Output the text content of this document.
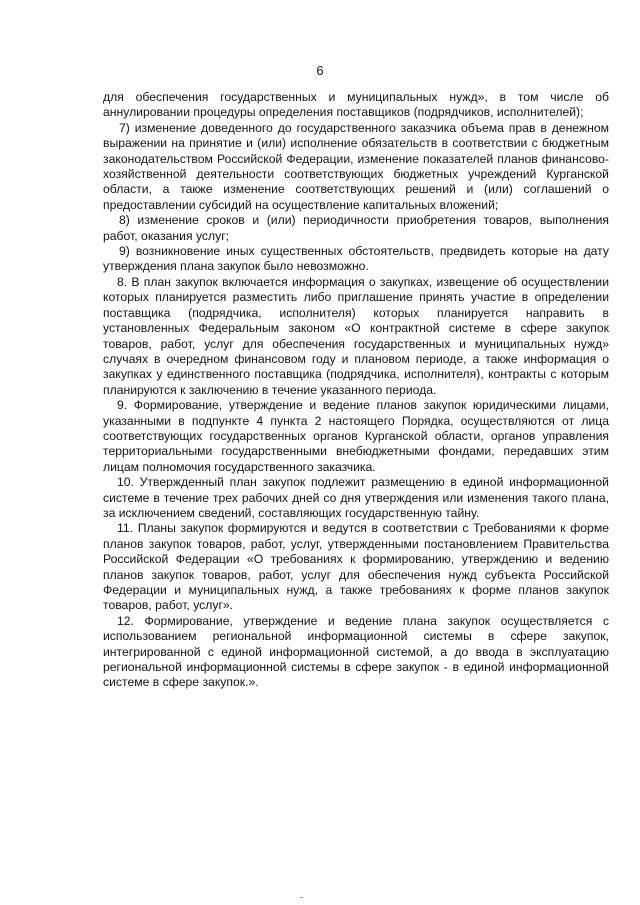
6

для обеспечения государственных и муниципальных нужд», в том числе об аннулировании процедуры определения поставщиков (подрядчиков, исполнителей);

7) изменение доведенного до государственного заказчика объема прав в денежном выражении на принятие и (или) исполнение обязательств в соответствии с бюджетным законодательством Российской Федерации, изменение показателей планов финансово-хозяйственной деятельности соответствующих бюджетных учреждений Курганской области, а также изменение соответствующих решений и (или) соглашений о предоставлении субсидий на осуществление капитальных вложений;

8) изменение сроков и (или) периодичности приобретения товаров, выполнения работ, оказания услуг;

9) возникновение иных существенных обстоятельств, предвидеть которые на дату утверждения плана закупок было невозможно.

8. В план закупок включается информация о закупках, извещение об осуществлении которых планируется разместить либо приглашение принять участие в определении поставщика (подрядчика, исполнителя) которых планируется направить в установленных Федеральным законом «О контрактной системе в сфере закупок товаров, работ, услуг для обеспечения государственных и муниципальных нужд» случаях в очередном финансовом году и плановом периоде, а также информация о закупках у единственного поставщика (подрядчика, исполнителя), контракты с которым планируются к заключению в течение указанного периода.

9. Формирование, утверждение и ведение планов закупок юридическими лицами, указанными в подпункте 4 пункта 2 настоящего Порядка, осуществляются от лица соответствующих государственных органов Курганской области, органов управления территориальными государственными внебюджетными фондами, передавших этим лицам полномочия государственного заказчика.

10. Утвержденный план закупок подлежит размещению в единой информационной системе в течение трех рабочих дней со дня утверждения или изменения такого плана, за исключением сведений, составляющих государственную тайну.

11. Планы закупок формируются и ведутся в соответствии с Требованиями к форме планов закупок товаров, работ, услуг, утвержденными постановлением Правительства Российской Федерации «О требованиях к формированию, утверждению и ведению планов закупок товаров, работ, услуг для обеспечения нужд субъекта Российской Федерации и муниципальных нужд, а также требованиях к форме планов закупок товаров, работ, услуг».

12. Формирование, утверждение и ведение плана закупок осуществляется с использованием региональной информационной системы в сфере закупок, интегрированной с единой информационной системой, а до ввода в эксплуатацию региональной информационной системы в сфере закупок - в единой информационной системе в сфере закупок.».
